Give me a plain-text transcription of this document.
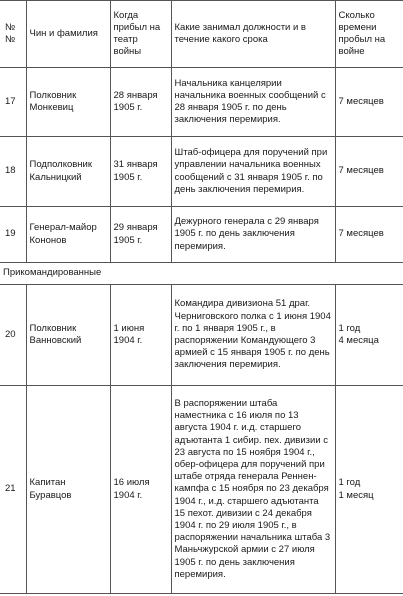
№№	Чин и фамилия	Когда прибыл на театр войны	Какие занимал должности и в течение какого срока	Сколько времени пробыл на войне
17	Полковник Монкевиц	28 января 1905 г.	Начальника канцелярии начальника военных сообщений с 28 января 1905 г. по день заключения перемирия.	7 месяцев
18	Подполковник Кальницкий	31 января 1905 г.	Штаб-офицера для поручений при управлении начальника военных сообщений с 31 января 1905 г. по день заключения перемирия.	7 месяцев
19	Генерал-майор Кононов	29 января 1905 г.	Дежурного генерала с 29 января 1905 г. по день заключения перемирия.	7 месяцев
Прикомандированные				
20	Полковник Ванновский	1 июня 1904 г.	Командира дивизиона 51 драг. Черниговского полка с 1 июня 1904 г. по 1 января 1905 г., в распоряжении Командующего 3 армией с 15 января 1905 г. по день заключения перемирия.	1 год
4 месяца
21	Капитан Буравцов	16 июля 1904 г.	В распоряжении штаба наместника с 16 июля по 13 августа 1904 г. и.д. старшего адъютанта 1 сибир. пех. дивизии с 23 августа по 15 ноября 1904 г., обер-офицера для поручений при штабе отряда генерала Реннен-кампфа с 15 ноября по 23 декабря 1904 г., и.д. старшего адъютанта 15 пехот. дивизии с 24 декабря 1904 г. по 29 июля 1905 г., в распоряжении начальника штаба 3 Маньчжурской армии с 27 июля 1905 г. по день заключения перемирия.	1 год
1 месяц
